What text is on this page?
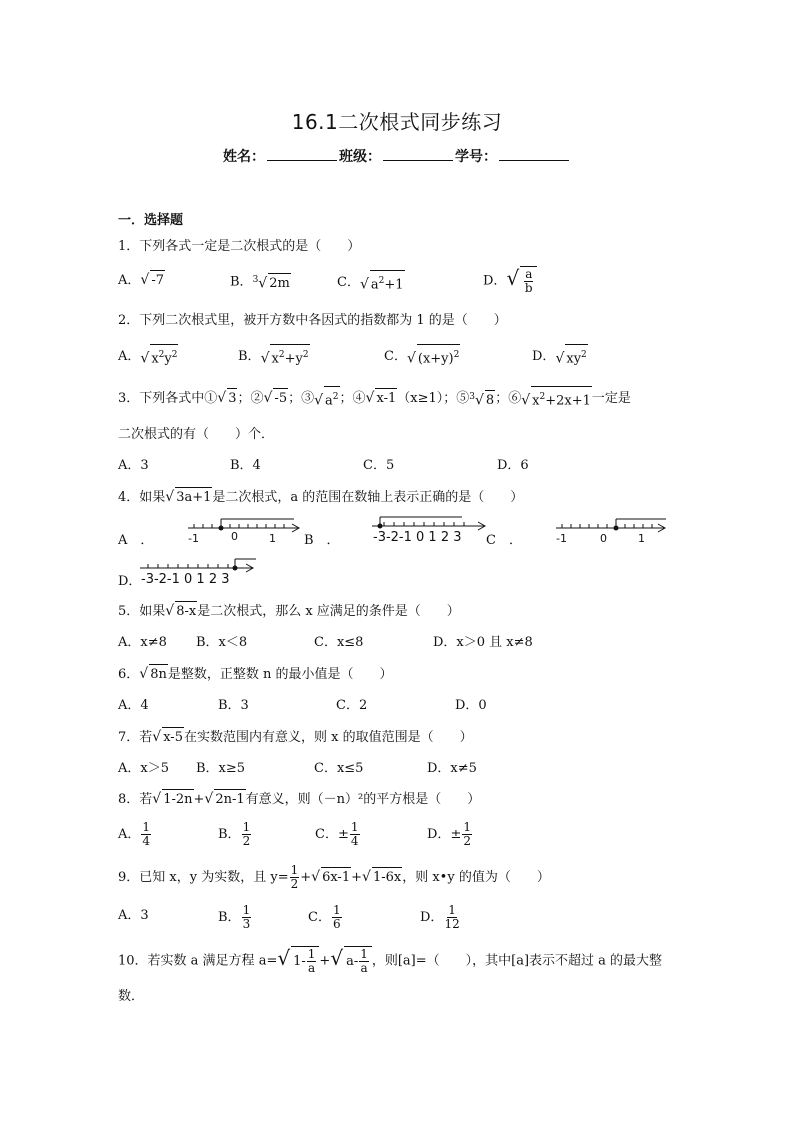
16.1二次根式同步练习
姓名：	班级：	学号：
一．选择题
1．下列各式一定是二次根式的是（　　）
A．√ -7	B．$^3$√ 2m	C．√ $a^2+1$	D．√ $\frac{a}{b}$
2．下列二次根式里，被开方数中各因式的指数都为 1 的是（　　）
A．√ $x^2y^2$	B．√ $x^2+y^2$	C．√ $(x+y)^2$	D．√ $xy^2$
3．下列各式中①√ 3；②√ -5；③√ $a^2$；④√ x-1（x≥1）；⑤$^3$√ 8；⑥√ $x^2+2x+1$一定是
二次根式的有（　　）个．
A．3	B．4	C．5	D．6
4．如果√ 3a+1是二次根式，a 的范围在数轴上表示正确的是（　　）
A　．	B　．	C　．
D．
-1	0	1	-3-2-1 0 1 2 3	-1	0	1
-3-2-1 0 1 2 3
5．如果√ 8-x是二次根式，那么 x 应满足的条件是（　　）
A．x≠8 B．x＜8	C．x≤8	D．x＞0 且 x≠8
6．√ 8n是整数，正整数 n 的最小值是（　　）
A．4	B．3	C．2	D．0
7．若√ x-5在实数范围内有意义，则 x 的取值范围是（　　）
A．x＞5 B．x≥5	C．x≤5	D．x≠5
8．若√ 1-2n+√ 2n-1有意义，则（－n）²的平方根是（　　）
A． $\frac{1}{4}$	B． $\frac{1}{2}$	C．± $\frac{1}{4}$	D．± $\frac{1}{2}$
9．已知 x，y 为实数，且 $y= \frac{1}{2}$ +√ 6x-1+√ 1-6x，则 x•y 的值为（　　）
A．3	B． $\frac{1}{3}$	C． $\frac{1}{6}$	D． $\frac{1}{12}$
10．若实数 a 满足方程 a=√ $1- \frac{1}{a}$ +√ $a- \frac{1}{a}$ ，则[a]=（　　），其中[a]表示不超过 a 的最大整
数．
